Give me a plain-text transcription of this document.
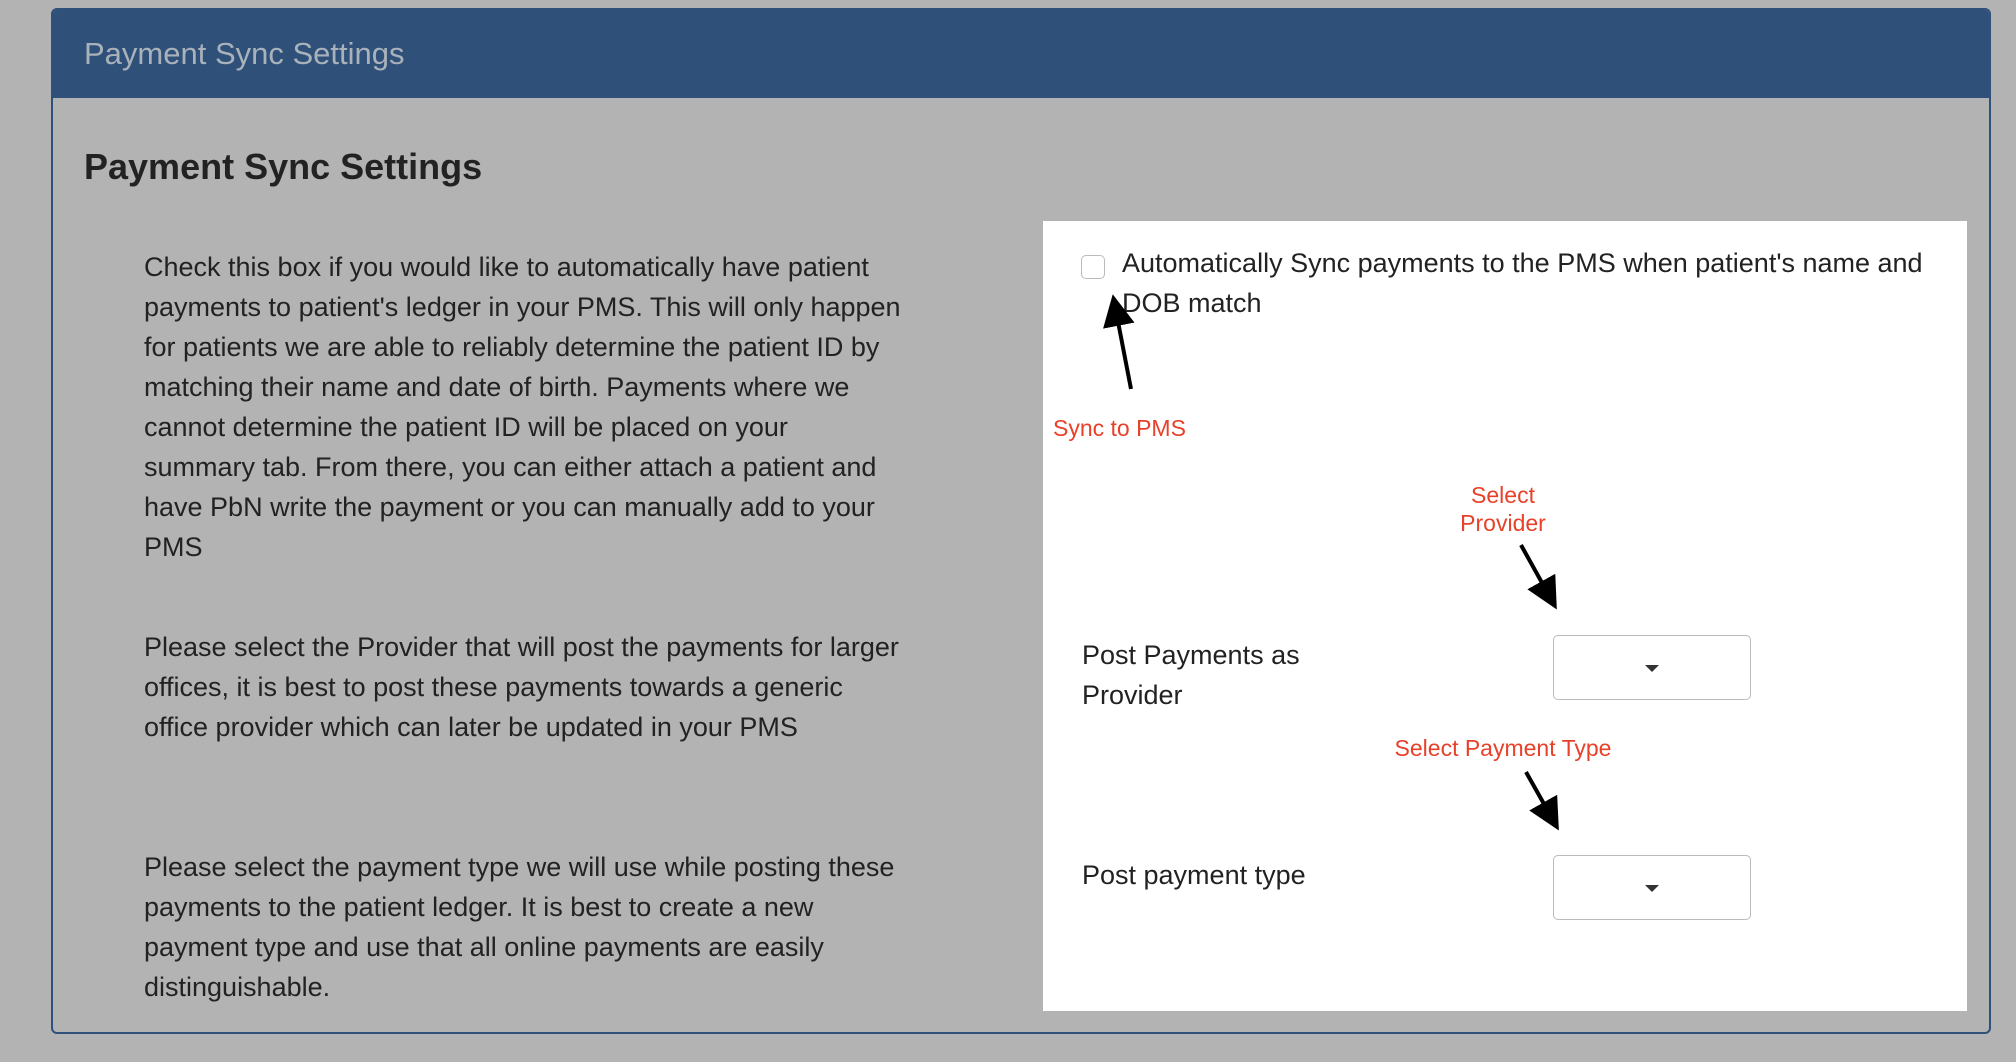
Payment Sync Settings
Payment Sync Settings

Check this box if you would like to automatically have patient payments to patient's ledger in your PMS. This will only happen for patients we are able to reliably determine the patient ID by matching their name and date of birth. Payments where we cannot determine the patient ID will be placed on your summary tab. From there, you can either attach a patient and have PbN write the payment or you can manually add to your PMS

Please select the Provider that will post the payments for larger offices, it is best to post these payments towards a generic office provider which can later be updated in your PMS

Please select the payment type we will use while posting these payments to the patient ledger. It is best to create a new payment type and use that all online payments are easily distinguishable.

Automatically Sync payments to the PMS when patient's name and DOB match
Sync to PMS
Select
Provider
Select Payment Type
Post Payments as Provider
Post payment type
